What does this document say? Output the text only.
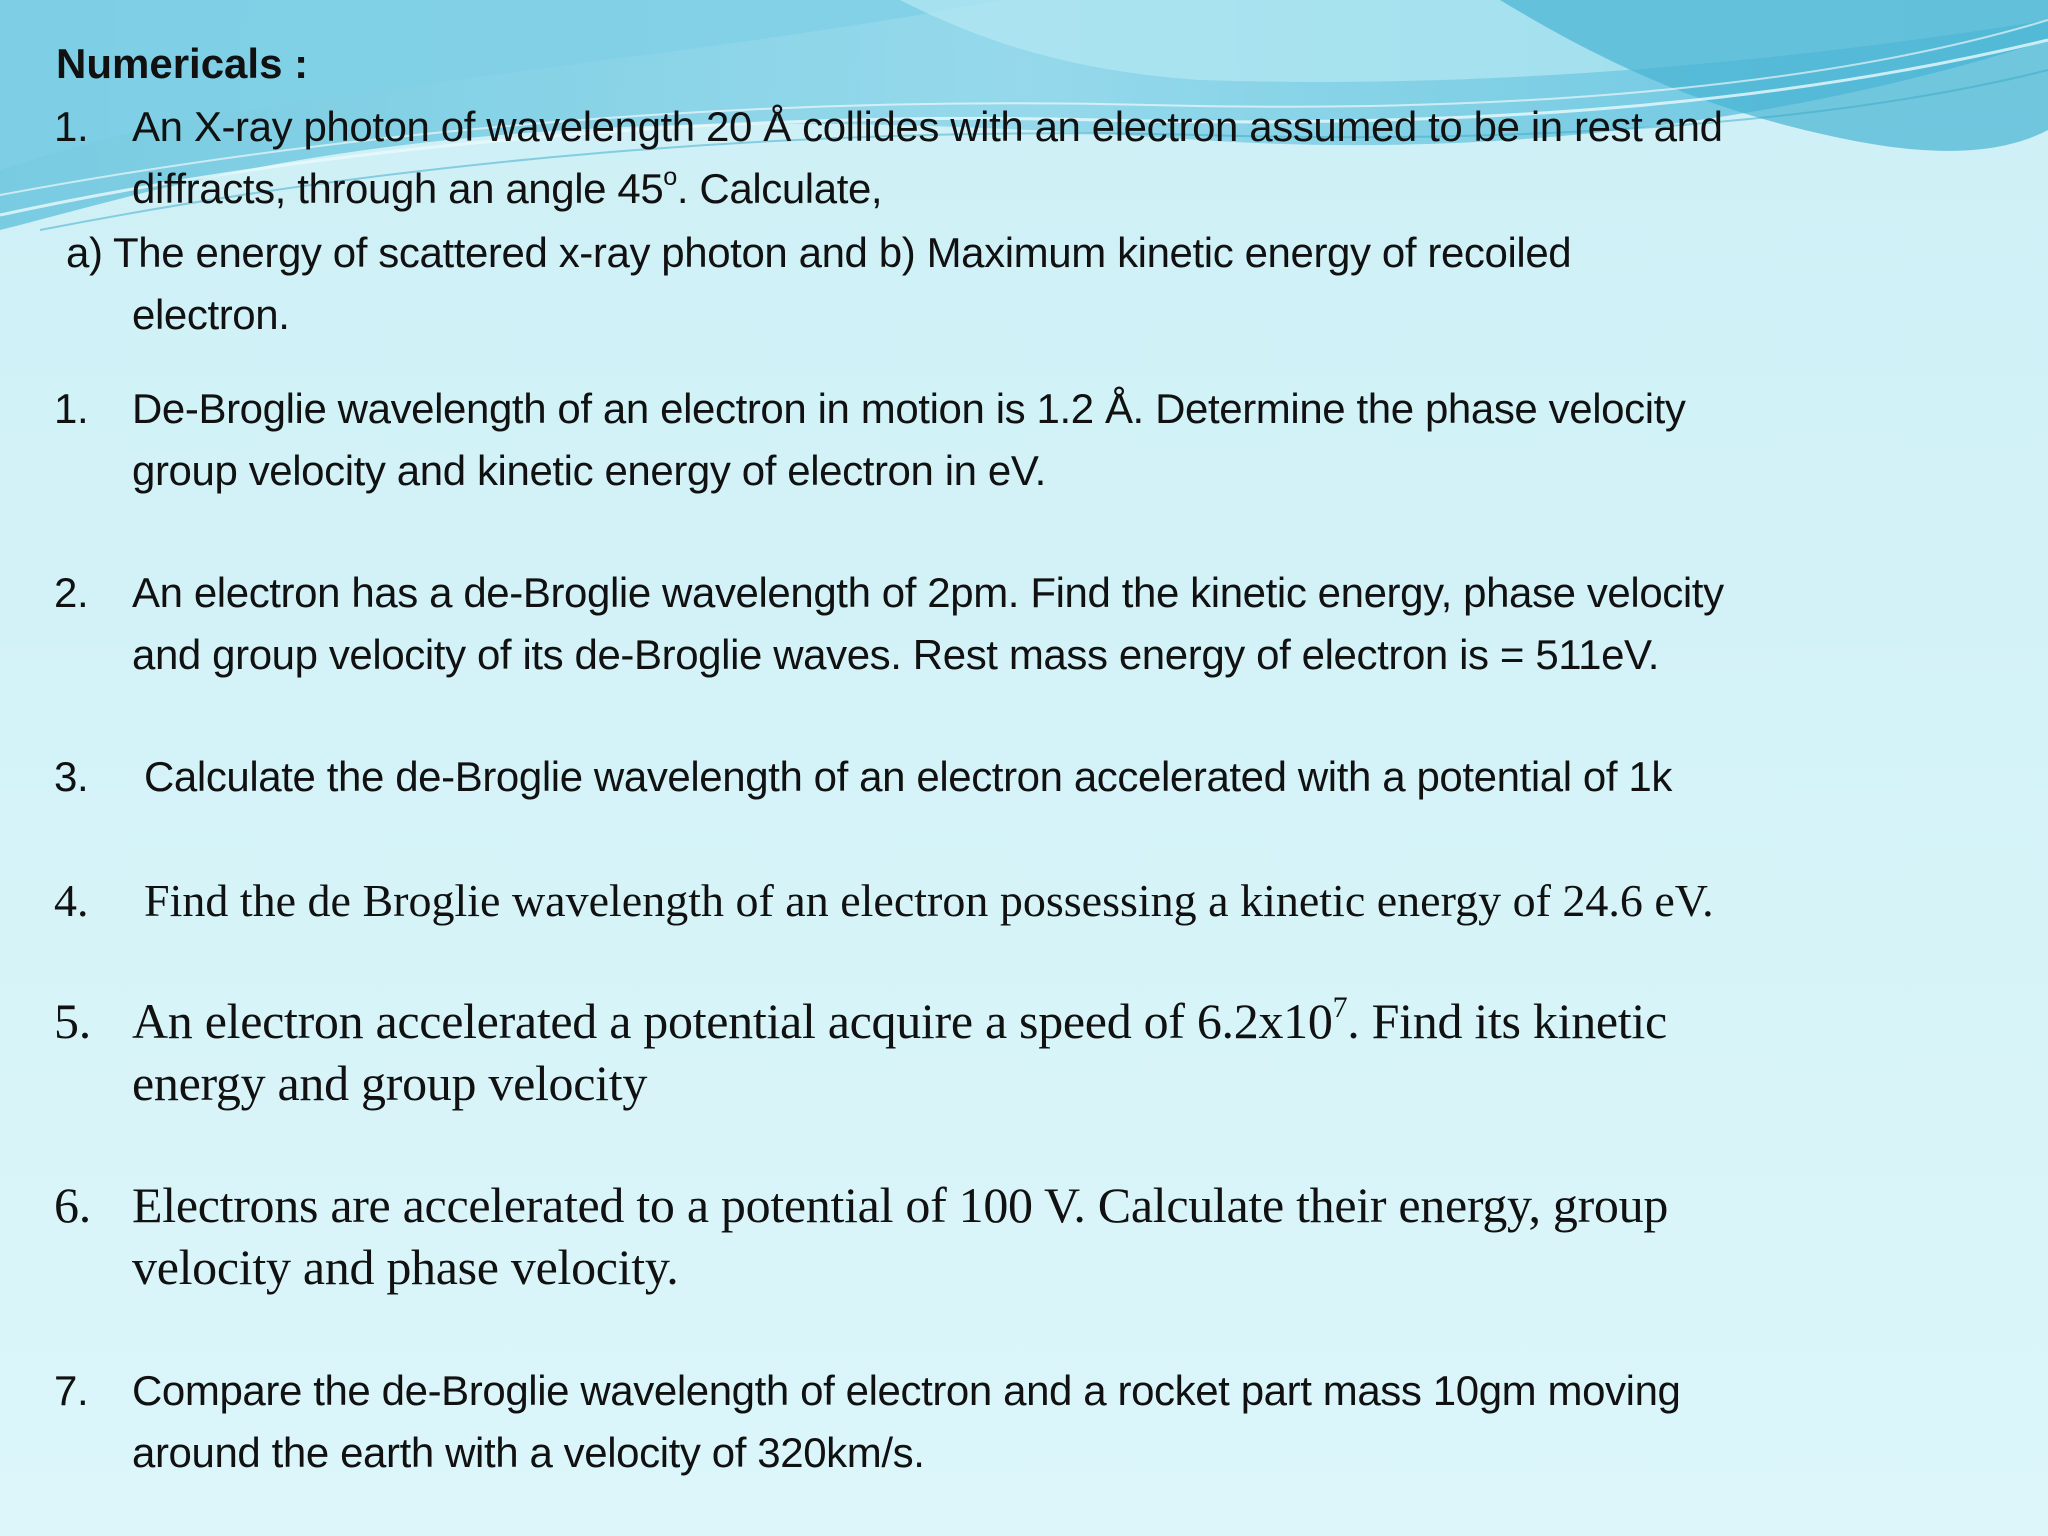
Numericals :
1. An X-ray photon of wavelength 20 Å collides with an electron assumed to be in rest and
diffracts, through an angle 45$^o$. Calculate,
a) The energy of scattered x-ray photon and b) Maximum kinetic energy of recoiled
electron.
1. De-Broglie wavelength of an electron in motion is 1.2 Å. Determine the phase velocity
group velocity and kinetic energy of electron in eV.
2. An electron has a de-Broglie wavelength of 2pm. Find the kinetic energy, phase velocity
and group velocity of its de-Broglie waves. Rest mass energy of electron is = 511eV.
3. Calculate the de-Broglie wavelength of an electron accelerated with a potential of 1k
4. Find the de Broglie wavelength of an electron possessing a kinetic energy of 24.6 eV.
5. An electron accelerated a potential acquire a speed of $6.2x10^7$. Find its kinetic
energy and group velocity
6. Electrons are accelerated to a potential of 100 V. Calculate their energy, group
velocity and phase velocity.
7. Compare the de-Broglie wavelength of electron and a rocket part mass 10gm moving
around the earth with a velocity of 320km/s.
